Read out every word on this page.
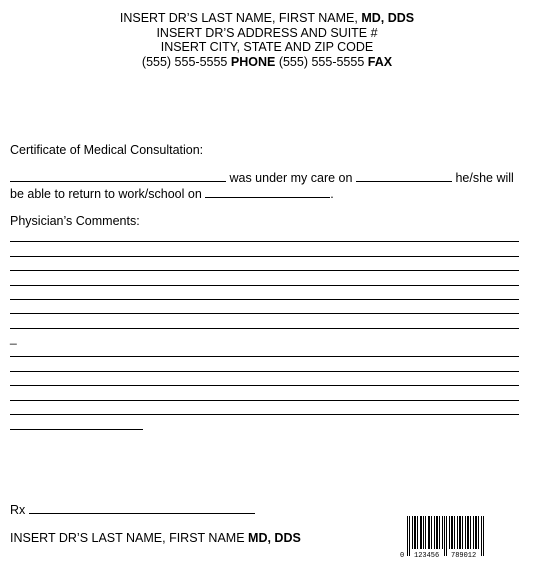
INSERT DR’S LAST NAME, FIRST NAME, MD, DDS
INSERT DR’S ADDRESS AND SUITE #
INSERT CITY, STATE AND ZIP CODE
(555) 555-5555 PHONE (555) 555-5555 FAX
Certificate of Medical Consultation:
was under my care on	he/she will
be able to return to work/school on	.
Physician’s Comments:
_
Rx
INSERT DR’S LAST NAME, FIRST NAME MD, DDS
0 123456 789012
